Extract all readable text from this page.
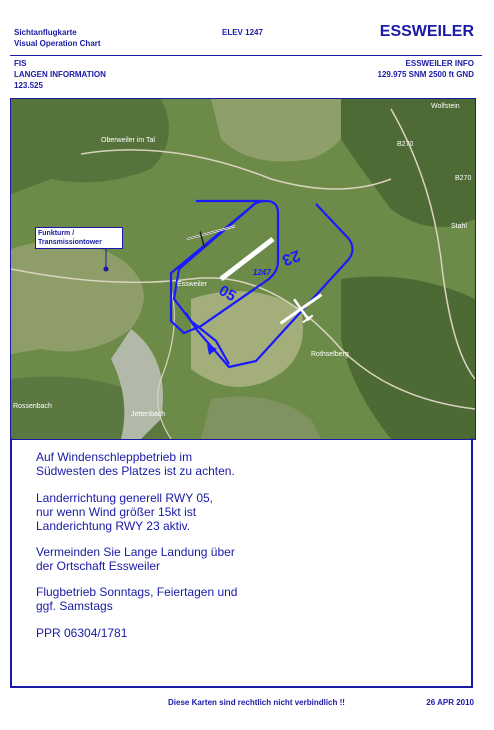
Sichtanflugkarte
Visual Operation Chart
ELEV 1247	ESSWEILER
FIS
LANGEN INFORMATION
123.525
ESSWEILER INFO
129.975 SNM 2500 ft GND
23
05
1247
Funkturm /
Transmissiontower
Oberweiler im Tal
Essweiler
Rothselberg
Rossenbach
Jettenbach
Wolfstein
Stahl
B270
B270

Auf Windenschleppbetrieb im

Südwesten des Platzes ist zu achten.

Landerrichtung generell RWY 05,

nur wenn Wind größer 15kt ist

Landerichtung RWY 23 aktiv.

Vermeinden Sie Lange Landung über

der Ortschaft Essweiler

Flugbetrieb Sonntags, Feiertagen und

ggf. Samstags

PPR 06304/1781

Diese Karten sind rechtlich nicht verbindlich !!	26 APR 2010
